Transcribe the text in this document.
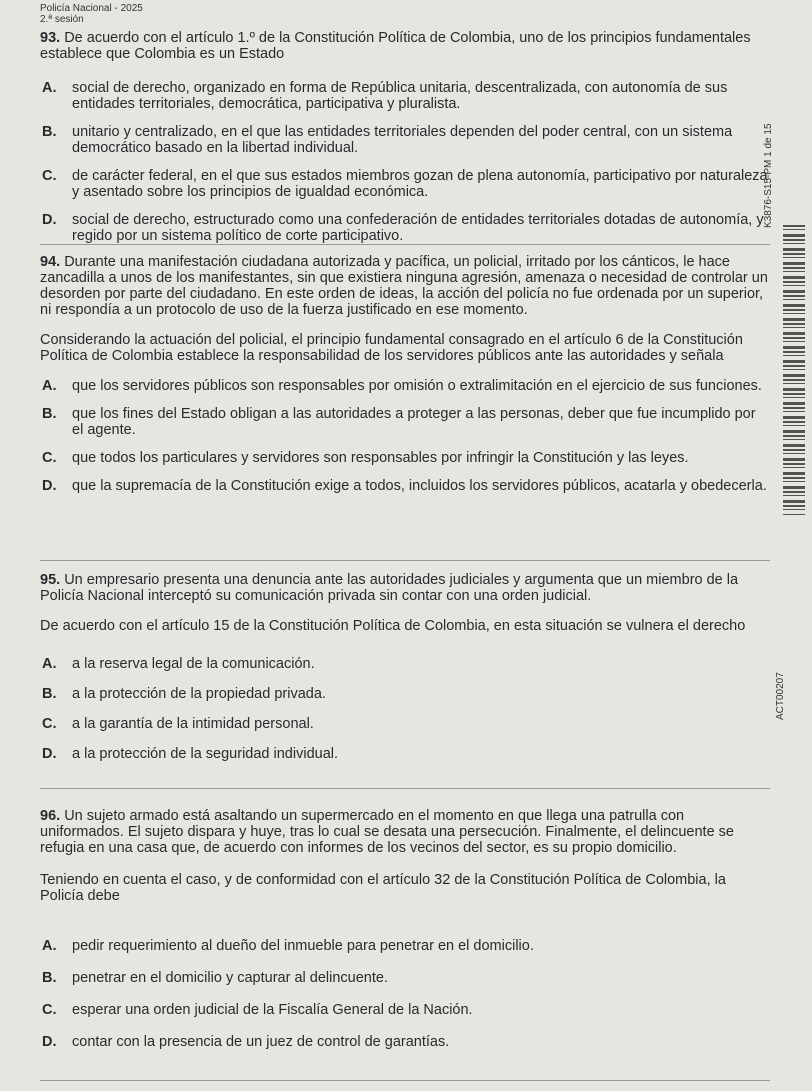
Policía Nacional - 2025
2.ª sesión
K3876-S15-PM 1 de 15
ACT00207
93. De acuerdo con el artículo 1.º de la Constitución Política de Colombia, uno de los principios fundamentales establece que Colombia es un Estado
A.	social de derecho, organizado en forma de República unitaria, descentralizada, con autonomía de sus entidades territoriales, democrática, participativa y pluralista.
B.	unitario y centralizado, en el que las entidades territoriales dependen del poder central, con un sistema democrático basado en la libertad individual.
C.	de carácter federal, en el que sus estados miembros gozan de plena autonomía, participativo por naturaleza y asentado sobre los principios de igualdad económica.
D.	social de derecho, estructurado como una confederación de entidades territoriales dotadas de autonomía, y regido por un sistema político de corte participativo.
94. Durante una manifestación ciudadana autorizada y pacífica, un policial, irritado por los cánticos, le hace zancadilla a unos de los manifestantes, sin que existiera ninguna agresión, amenaza o necesidad de controlar un desorden por parte del ciudadano. En este orden de ideas, la acción del policía no fue ordenada por un superior, ni respondía a un protocolo de uso de la fuerza justificado en ese momento.
Considerando la actuación del policial, el principio fundamental consagrado en el artículo 6 de la Constitución Política de Colombia establece la responsabilidad de los servidores públicos ante las autoridades y señala
A.	que los servidores públicos son responsables por omisión o extralimitación en el ejercicio de sus funciones.
B.	que los fines del Estado obligan a las autoridades a proteger a las personas, deber que fue incumplido por el agente.
C.	que todos los particulares y servidores son responsables por infringir la Constitución y las leyes.
D.	que la supremacía de la Constitución exige a todos, incluidos los servidores públicos, acatarla y obedecerla.
95. Un empresario presenta una denuncia ante las autoridades judiciales y argumenta que un miembro de la Policía Nacional interceptó su comunicación privada sin contar con una orden judicial.
De acuerdo con el artículo 15 de la Constitución Política de Colombia, en esta situación se vulnera el derecho
A.	a la reserva legal de la comunicación.
B.	a la protección de la propiedad privada.
C.	a la garantía de la intimidad personal.
D.	a la protección de la seguridad individual.
96. Un sujeto armado está asaltando un supermercado en el momento en que llega una patrulla con uniformados. El sujeto dispara y huye, tras lo cual se desata una persecución. Finalmente, el delincuente se refugia en una casa que, de acuerdo con informes de los vecinos del sector, es su propio domicilio.
Teniendo en cuenta el caso, y de conformidad con el artículo 32 de la Constitución Política de Colombia, la Policía debe
A.	pedir requerimiento al dueño del inmueble para penetrar en el domicilio.
B.	penetrar en el domicilio y capturar al delincuente.
C.	esperar una orden judicial de la Fiscalía General de la Nación.
D.	contar con la presencia de un juez de control de garantías.
